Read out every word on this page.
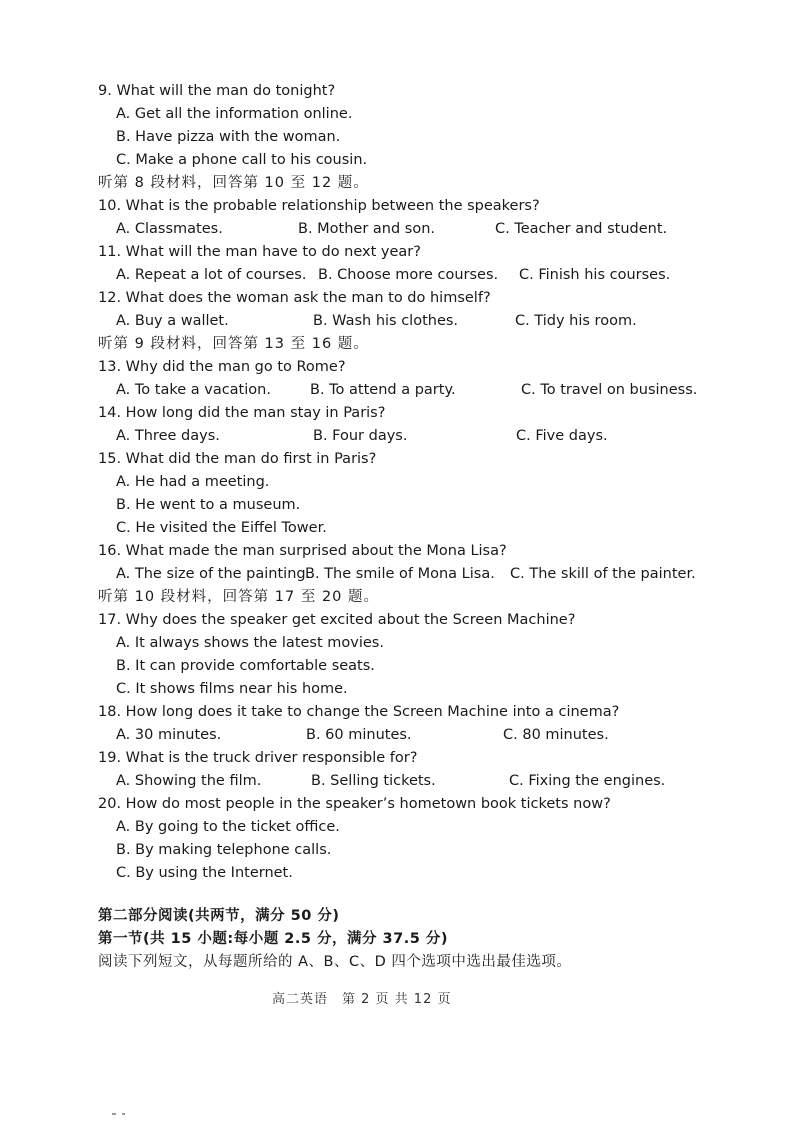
9. What will the man do tonight?
A. Get all the information online.
B. Have pizza with the woman.
C. Make a phone call to his cousin.
听第 8 段材料，回答第 10 至 12 题。
10. What is the probable relationship between the speakers?
A. Classmates.	B. Mother and son.	C. Teacher and student.
11. What will the man have to do next year?
A. Repeat a lot of courses. B. Choose more courses. C. Finish his courses.
12. What does the woman ask the man to do himself?
A. Buy a wallet.	B. Wash his clothes.	C. Tidy his room.
听第 9 段材料，回答第 13 至 16 题。
13. Why did the man go to Rome?
A. To take a vacation.	B. To attend a party.	C. To travel on business.
14. How long did the man stay in Paris?
A. Three days.	B. Four days.	C. Five days.
15. What did the man do first in Paris?
A. He had a meeting.
B. He went to a museum.
C. He visited the Eiffel Tower.
16. What made the man surprised about the Mona Lisa?
A. The size of the painting.
B. The smile of Mona Lisa. C. The skill of the painter.
听第 10 段材料，回答第 17 至 20 题。
17. Why does the speaker get excited about the Screen Machine?
A. It always shows the latest movies.
B. It can provide comfortable seats.
C. It shows films near his home.
18. How long does it take to change the Screen Machine into a cinema?
A. 30 minutes.	B. 60 minutes.	C. 80 minutes.
19. What is the truck driver responsible for?
A. Showing the film.	B. Selling tickets.	C. Fixing the engines.
20. How do most people in the speaker’s hometown book tickets now?
A. By going to the ticket office.
B. By making telephone calls.
C. By using the Internet.
第二部分阅读(共两节，满分 50 分)
第一节(共 15 小题:每小题 2.5 分，满分 37.5 分)
阅读下列短文，从每题所给的 A、B、C、D 四个选项中选出最佳选项。
高二英语　第 2 页 共 12 页
